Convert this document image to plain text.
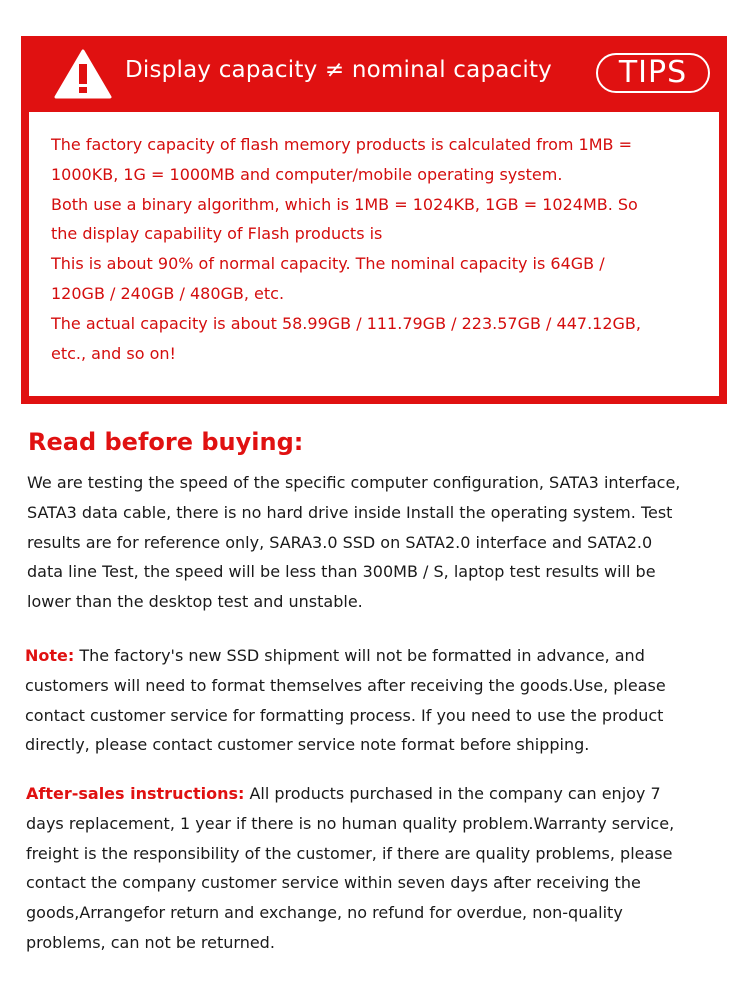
Display capacity ≠ nominal capacity	TIPS
The factory capacity of flash memory products is calculated from 1MB =
1000KB, 1G = 1000MB and computer/mobile operating system.
Both use a binary algorithm, which is 1MB = 1024KB, 1GB = 1024MB. So
the display capability of Flash products is
This is about 90% of normal capacity. The nominal capacity is 64GB /
120GB / 240GB / 480GB, etc.
The actual capacity is about 58.99GB / 111.79GB / 223.57GB / 447.12GB,
etc., and so on!
Read before buying:
We are testing the speed of the specific computer configuration, SATA3 interface,
SATA3 data cable, there is no hard drive inside Install the operating system. Test
results are for reference only, SARA3.0 SSD on SATA2.0 interface and SATA2.0
data line Test, the speed will be less than 300MB / S, laptop test results will be
lower than the desktop test and unstable.
Note: The factory's new SSD shipment will not be formatted in advance, and
customers will need to format themselves after receiving the goods.Use, please
contact customer service for formatting process. If you need to use the product
directly, please contact customer service note format before shipping.
After-sales instructions: All products purchased in the company can enjoy 7
days replacement, 1 year if there is no human quality problem.Warranty service,
freight is the responsibility of the customer, if there are quality problems, please
contact the company customer service within seven days after receiving the
goods,Arrangefor return and exchange, no refund for overdue, non-quality
problems, can not be returned.
